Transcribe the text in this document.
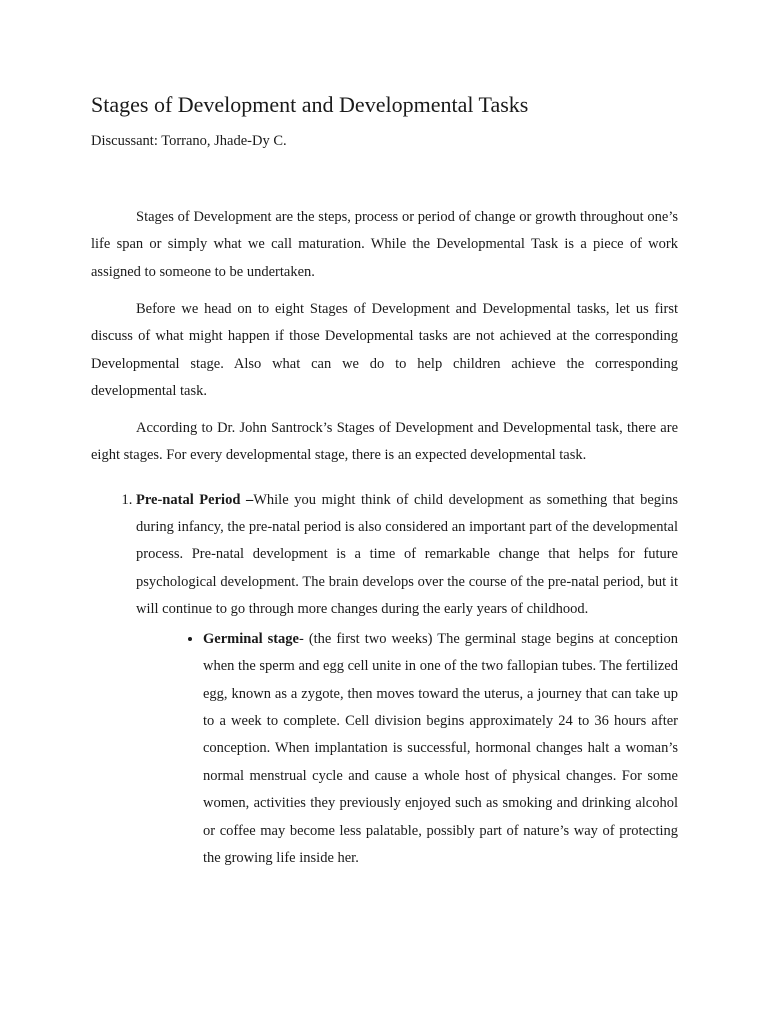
Stages of Development and Developmental Tasks

Discussant: Torrano, Jhade-Dy C.

Stages of Development are the steps, process or period of change or growth throughout one’s life span or simply what we call maturation. While the Developmental Task is a piece of work assigned to someone to be undertaken.

Before we head on to eight Stages of Development and Developmental tasks, let us first discuss of what might happen if those Developmental tasks are not achieved at the corresponding Developmental stage. Also what can we do to help children achieve the corresponding developmental task.

According to Dr. John Santrock’s Stages of Development and Developmental task, there are eight stages. For every developmental stage, there is an expected developmental task.

1. Pre-natal Period –While you might think of child development as something that begins during infancy, the pre-natal period is also considered an important part of the developmental process. Pre-natal development is a time of remarkable change that helps for future psychological development. The brain develops over the course of the pre-natal period, but it will continue to go through more changes during the early years of childhood.
• Germinal stage- (the first two weeks) The germinal stage begins at conception when the sperm and egg cell unite in one of the two fallopian tubes. The fertilized egg, known as a zygote, then moves toward the uterus, a journey that can take up to a week to complete. Cell division begins approximately 24 to 36 hours after conception. When implantation is successful, hormonal changes halt a woman’s normal menstrual cycle and cause a whole host of physical changes. For some women, activities they previously enjoyed such as smoking and drinking alcohol or coffee may become less palatable, possibly part of nature’s way of protecting the growing life inside her.
